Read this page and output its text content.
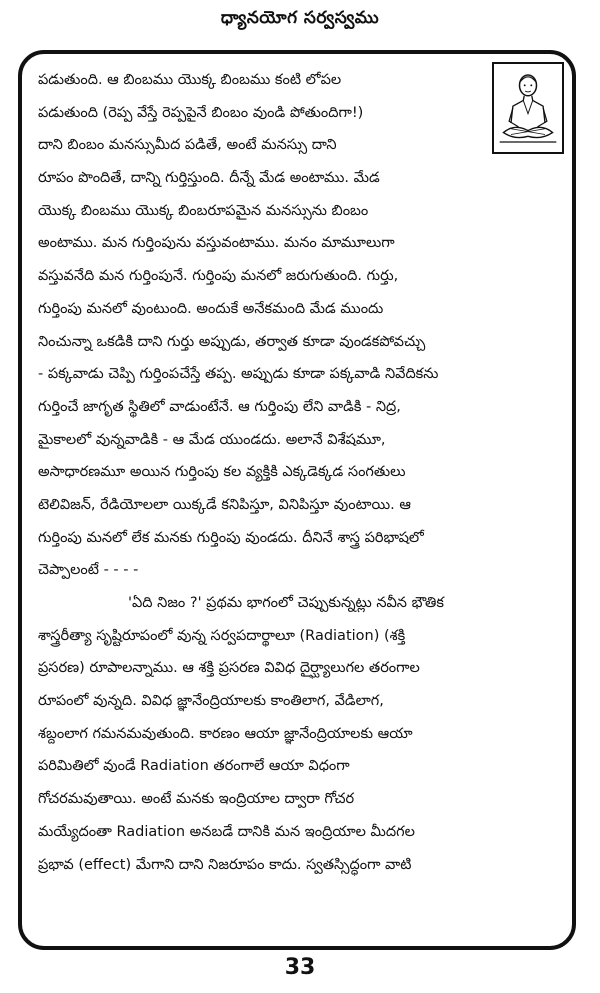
ధ్యానయోగ సర్వస్వము
పడుతుంది. ఆ బింబము యొక్క బింబము కంటి లోపల
పడుతుంది (రెప్ప వేస్తే రెప్పపైనే బింబం వుండి పోతుందిగా!)
దాని బింబం మనస్సుమీద పడితే, అంటే మనస్సు దాని
రూపం పొందితే, దాన్ని గుర్తిస్తుంది. దీన్నే మేడ అంటాము. మేడ
యొక్క బింబము యొక్క బింబరూపమైన మనస్సును బింబం
అంటాము. మన గుర్తింపును వస్తువంటాము. మనం మామూలుగా
వస్తువనేది మన గుర్తింపునే. గుర్తింపు మనలో జరుగుతుంది. గుర్తు,
గుర్తింపు మనలో వుంటుంది. అందుకే అనేకమంది మేడ ముందు
నించున్నా ఒకడికి దాని గుర్తు అప్పుడు, తర్వాత కూడా వుండకపోవచ్చు
- పక్కవాడు చెప్పి గుర్తింపచేస్తే తప్ప. అప్పుడు కూడా పక్కవాడి నివేదికను
గుర్తించే జాగృత స్థితిలో వాడుంటేనే. ఆ గుర్తింపు లేని వాడికి - నిద్ర,
మైకాలలో వున్నవాడికి - ఆ మేడ యుండదు. అలానే విశేషమూ,
అసాధారణమూ అయిన గుర్తింపు కల వ్యక్తికి ఎక్కడెక్కడ సంగతులు
టెలివిజన్, రేడియోలలా యిక్కడే కనిపిస్తూ, వినిపిస్తూ వుంటాయి. ఆ
గుర్తింపు మనలో లేక మనకు గుర్తింపు వుండదు. దీనినే శాస్త్ర పరిభాషలో
చెప్పాలంటే - - - -
'ఏది నిజం ?' ప్రథమ భాగంలో చెప్పుకున్నట్లు నవీన భౌతిక
శాస్త్రరీత్యా సృష్టిరూపంలో వున్న సర్వపదార్థాలూ (Radiation) (శక్తి
ప్రసరణ) రూపాలన్నాము. ఆ శక్తి ప్రసరణ వివిధ దైర్ఘ్యాలుగల తరంగాల
రూపంలో వున్నది. వివిధ జ్ఞానేంద్రియాలకు కాంతిలాగ, వేడిలాగ,
శబ్దంలాగ గమనమవుతుంది. కారణం ఆయా జ్ఞానేంద్రియాలకు ఆయా
పరిమితిలో వుండే Radiation తరంగాలే ఆయా విధంగా
గోచరమవుతాయి. అంటే మనకు ఇంద్రియాల ద్వారా గోచర
మయ్యేదంతా Radiation అనబడే దానికి మన ఇంద్రియాల మీదగల
ప్రభావ (effect) మేగాని దాని నిజరూపం కాదు. స్వతస్సిద్ధంగా వాటి
33
